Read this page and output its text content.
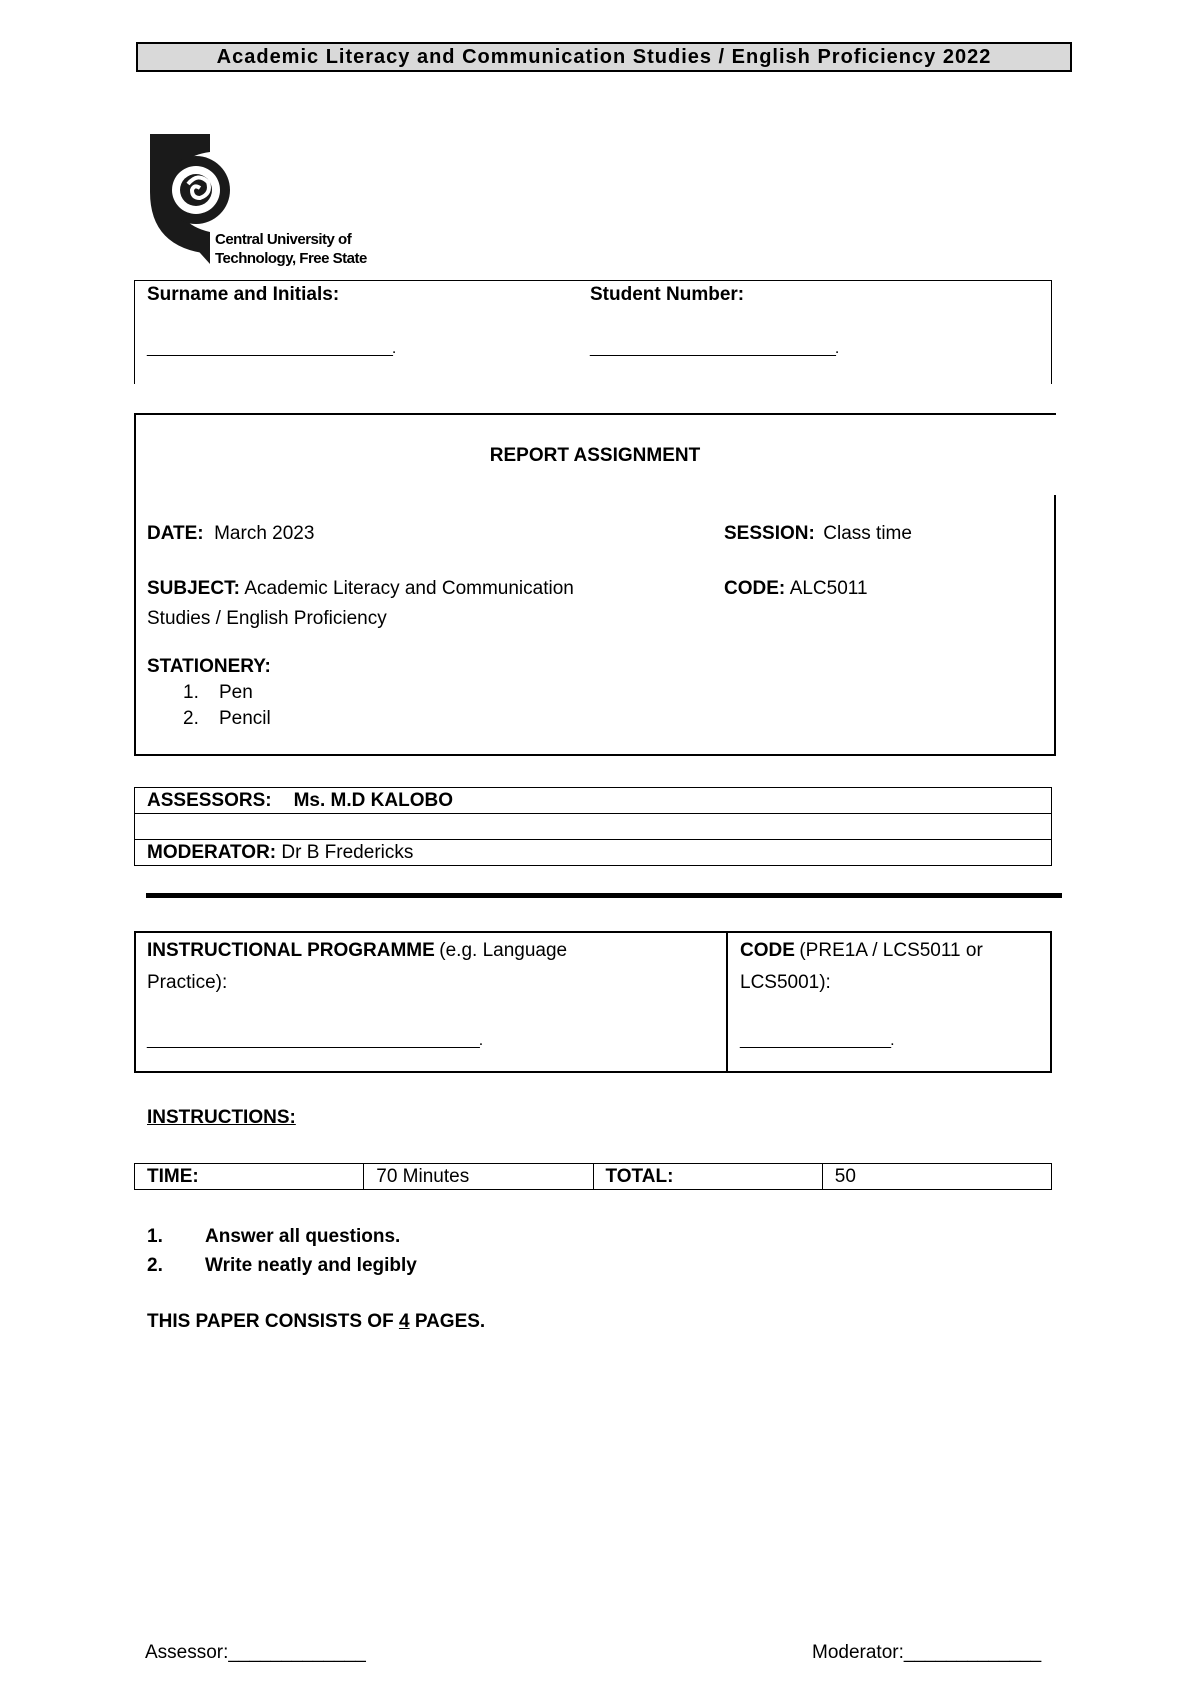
Academic Literacy and Communication Studies / English Proficiency 2022
Central University of
Technology, Free State
Surname and Initials:
_______________________________.
Student Number:
_______________________________.
REPORT ASSIGNMENT
DATE: March 2023	SESSION: Class time
SUBJECT: Academic Literacy and Communication
Studies / English Proficiency
CODE: ALC5011
STATIONERY:
1. Pen
2. Pencil
ASSESSORS: Ms. M.D KALOBO

MODERATOR: Dr B Fredericks
INSTRUCTIONAL PROGRAMME (e.g. Language
Practice):
__________________________________________.
CODE (PRE1A / LCS5011 or
LCS5001):
___________________.
INSTRUCTIONS:
TIME:	70 Minutes	TOTAL:	50
1. Answer all questions.
2. Write neatly and legibly
THIS PAPER CONSISTS OF 4 PAGES.
Assessor:_____________	Moderator:_____________
